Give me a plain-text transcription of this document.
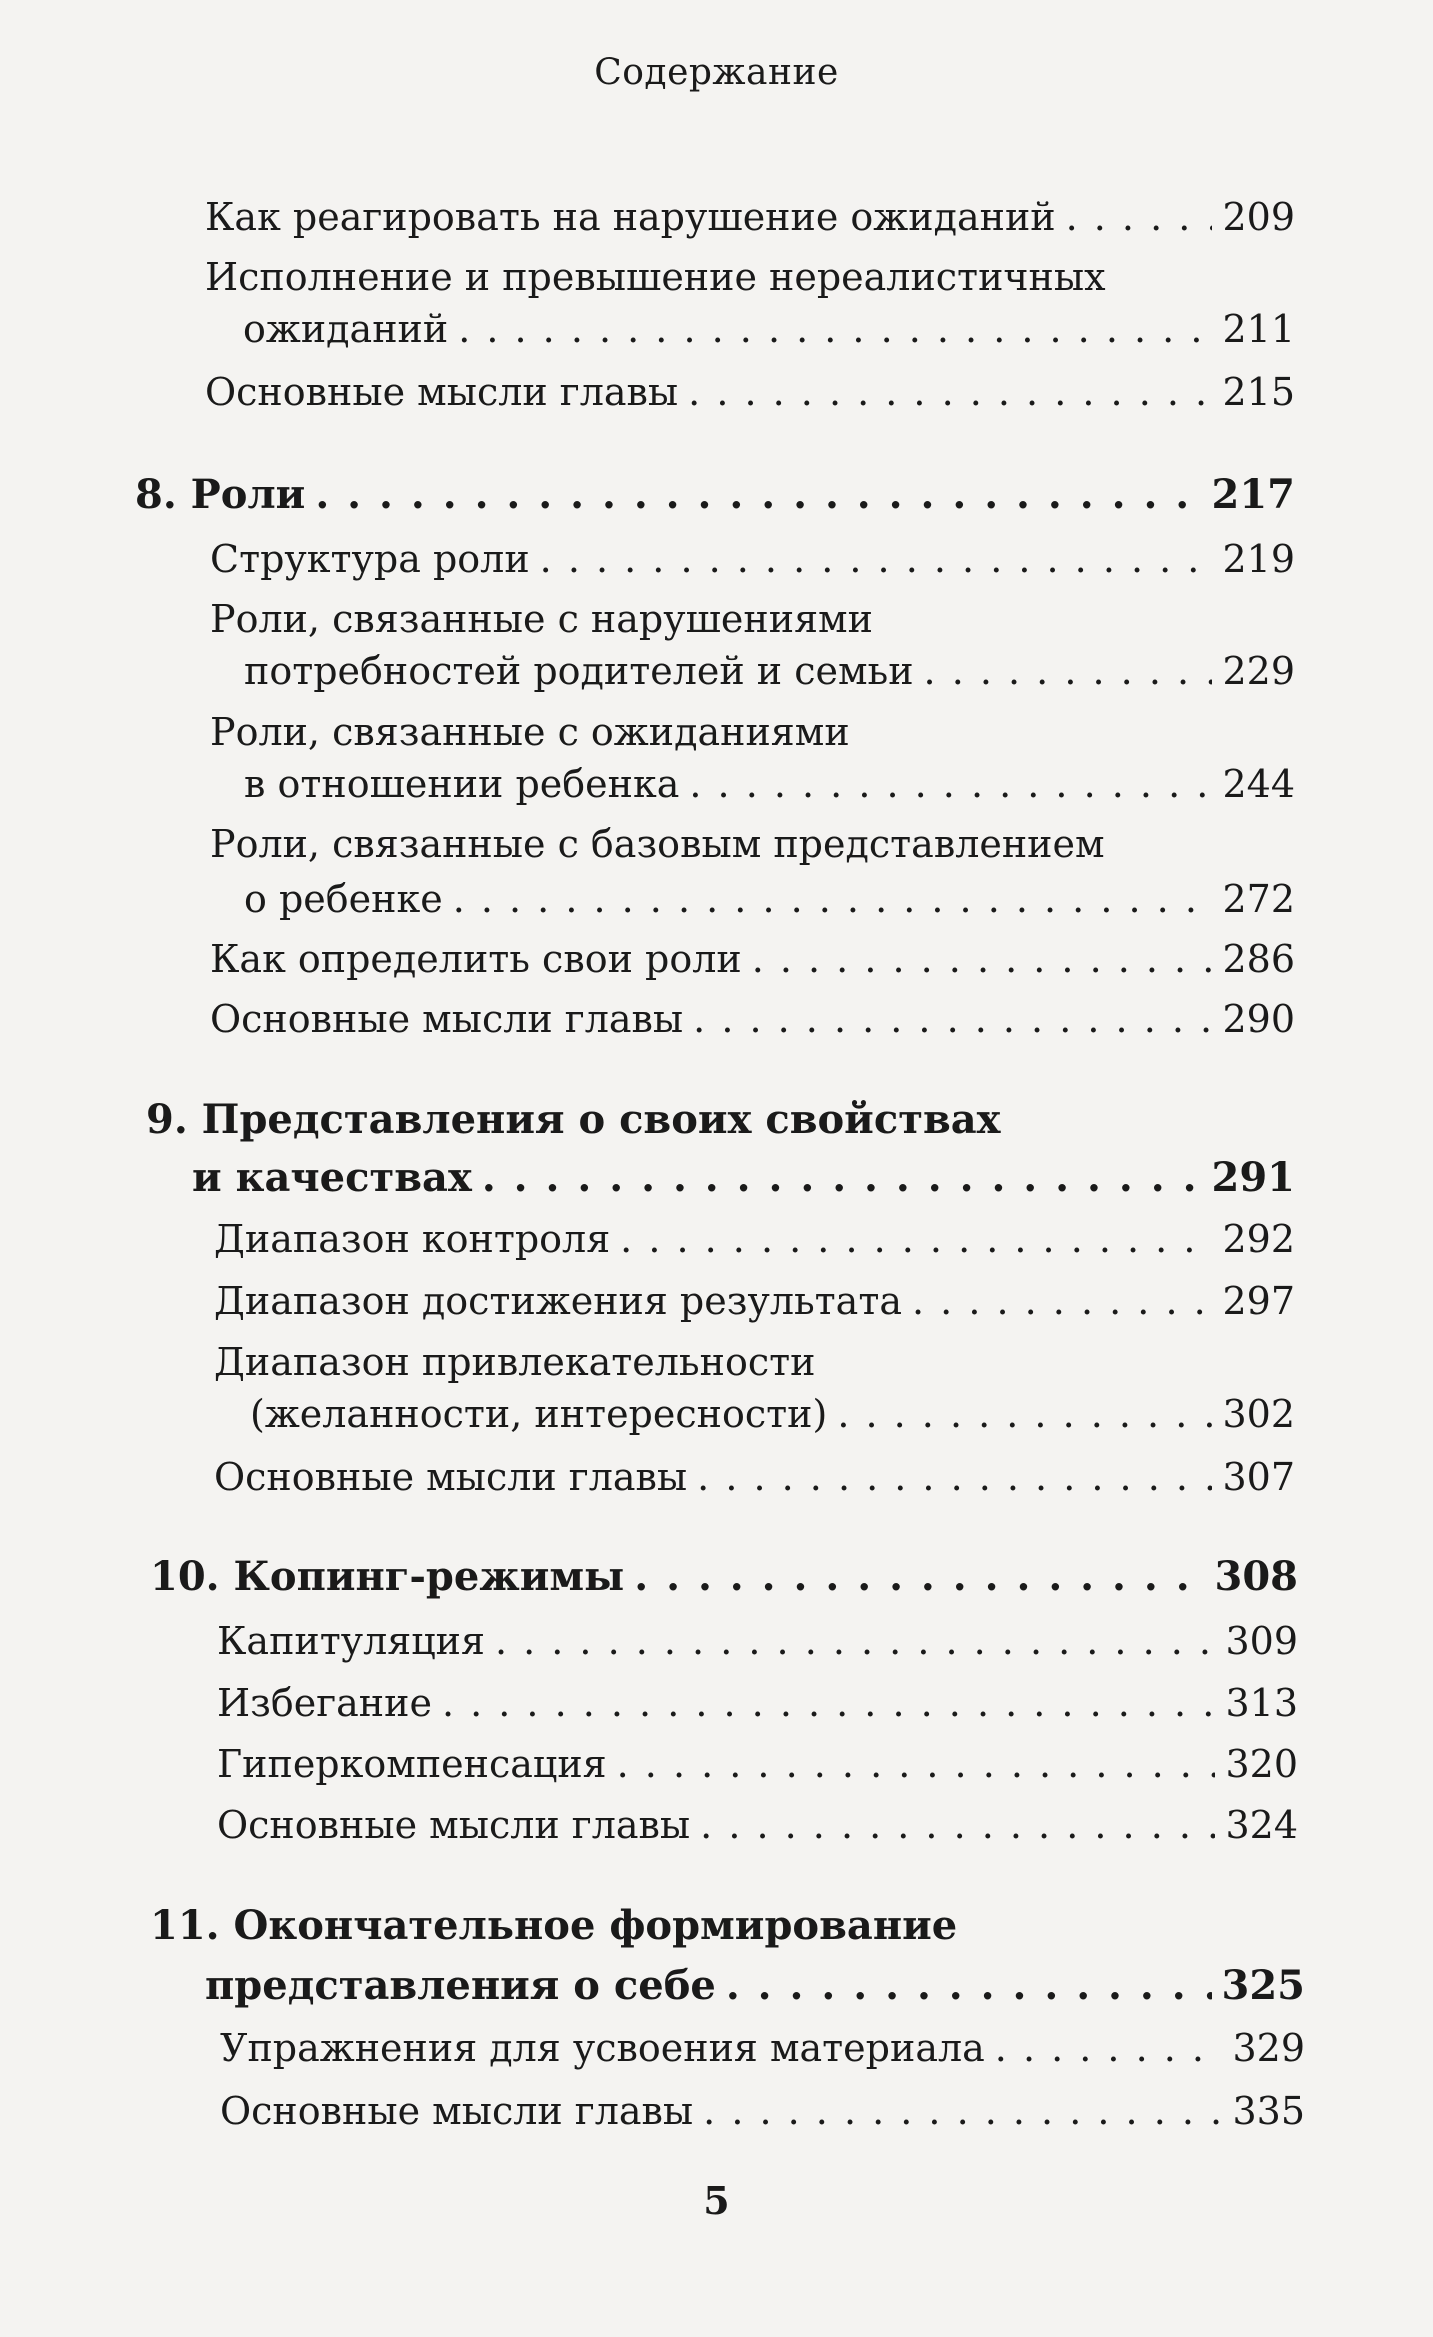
Содержание
Как реагировать на нарушение ожиданий . . .	209
Исполнение и превышение нереалистичных
ожиданий . . .	211
Основные мысли главы . . .	215
8. Роли . . .	217
Структура роли . . .	219
Роли, связанные с нарушениями
потребностей родителей и семьи . . .	229
Роли, связанные с ожиданиями
в отношении ребенка . . .	244
Роли, связанные с базовым представлением
о ребенке . . .	272
Как определить свои роли . . .	286
Основные мысли главы . . .	290
9. Представления о своих свойствах
и качествах . . .	291
Диапазон контроля . . .	292
Диапазон достижения результата . . .	297
Диапазон привлекательности
(желанности, интересности) . . .	302
Основные мысли главы . . .	307
10. Копинг-режимы . . .	308
Капитуляция . . .	309
Избегание . . .	313
Гиперкомпенсация . . .	320
Основные мысли главы . . .	324
11. Окончательное формирование
представления о себе . . .	325
Упражнения для усвоения материала . . .	329
Основные мысли главы . . .	335
5
